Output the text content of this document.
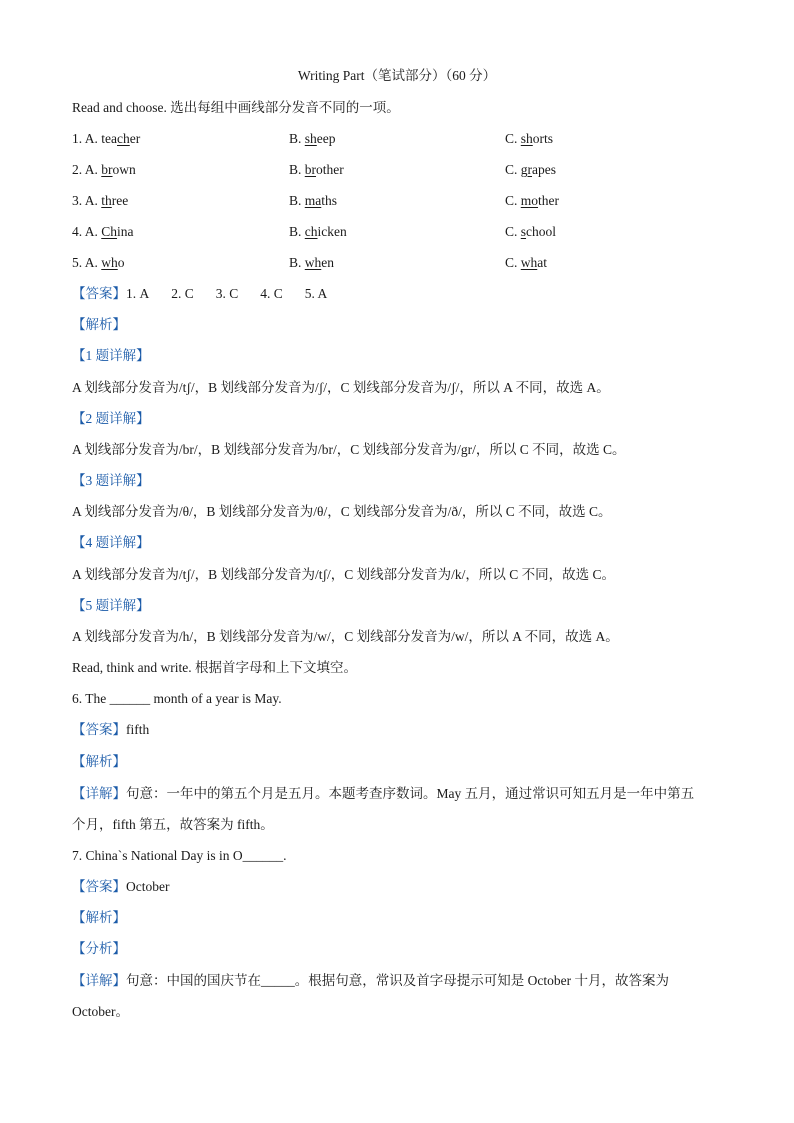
Writing Part（笔试部分）（60 分）
Read and choose. 选出每组中画线部分发音不同的一项。
1. A. teacher	B. sheep	C. shorts
2. A. brown	B. brother	C. grapes
3. A. three	B. maths	C. mother
4. A. China	B. chicken	C. school
5. A. who	B. when	C. what
【答案】1. A 2. C 3. C 4. C 5. A
【解析】
【1 题详解】
A 划线部分发音为/tʃ/，B 划线部分发音为/ʃ/，C 划线部分发音为/ʃ/，所以 A 不同，故选 A。
【2 题详解】
A 划线部分发音为/br/，B 划线部分发音为/br/，C 划线部分发音为/gr/，所以 C 不同，故选 C。
【3 题详解】
A 划线部分发音为/θ/，B 划线部分发音为/θ/，C 划线部分发音为/ð/，所以 C 不同，故选 C。
【4 题详解】
A 划线部分发音为/tʃ/，B 划线部分发音为/tʃ/，C 划线部分发音为/k/，所以 C 不同，故选 C。
【5 题详解】
A 划线部分发音为/h/，B 划线部分发音为/w/，C 划线部分发音为/w/，所以 A 不同，故选 A。
Read, think and write. 根据首字母和上下文填空。
6. The ______ month of a year is May.
【答案】fifth
【解析】
【详解】句意：一年中的第五个月是五月。本题考查序数词。May 五月，通过常识可知五月是一年中第五
个月，fifth 第五，故答案为 fifth。
7. China`s National Day is in O______.
【答案】October
【解析】
【分析】
【详解】句意：中国的国庆节在_____。根据句意，常识及首字母提示可知是 October 十月，故答案为
October。
